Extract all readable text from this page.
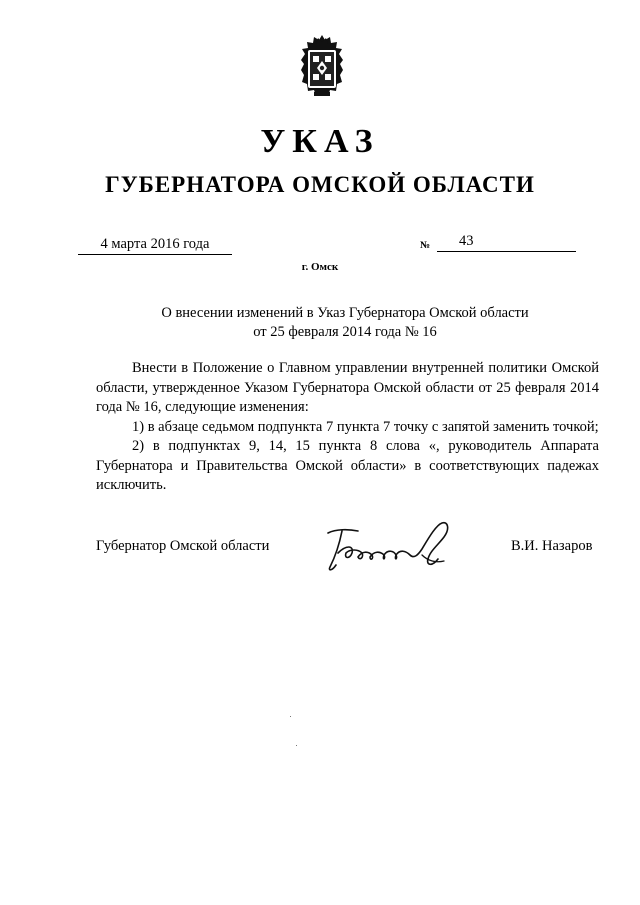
УКАЗ
ГУБЕРНАТОРА ОМСКОЙ ОБЛАСТИ
4 марта 2016 года	№ 43
г. Омск
О внесении изменений в Указ Губернатора Омской области
от 25 февраля 2014 года № 16

Внести в Положение о Главном управлении внутренней политики Омской области, утвержденное Указом Губернатора Омской области от 25 февраля 2014 года № 16, следующие изменения:

1) в абзаце седьмом подпункта 7 пункта 7 точку с запятой заменить точкой;

2) в подпунктах 9, 14, 15 пункта 8 слова «, руководитель Аппарата Губернатора и Правительства Омской области» в соответствующих падежах исключить.

Губернатор Омской области	В.И. Назаров
